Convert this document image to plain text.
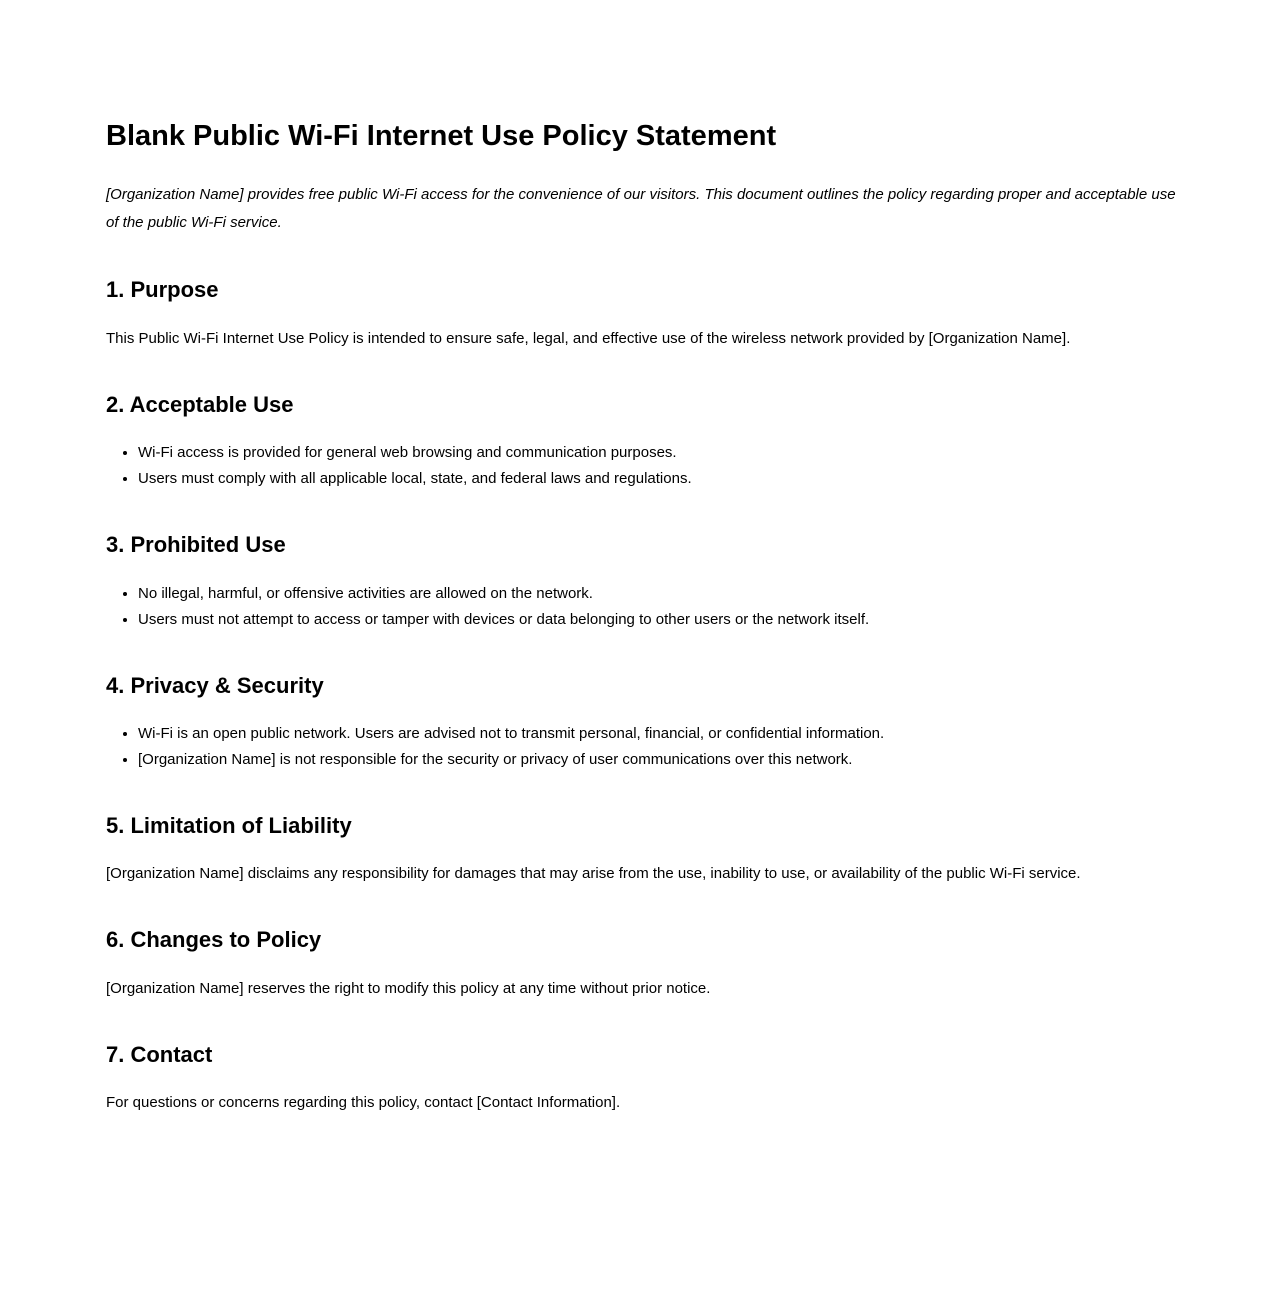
Blank Public Wi-Fi Internet Use Policy Statement

[Organization Name] provides free public Wi-Fi access for the convenience of our visitors. This document outlines the policy regarding proper and acceptable use of the public Wi-Fi service.

1. Purpose

This Public Wi-Fi Internet Use Policy is intended to ensure safe, legal, and effective use of the wireless network provided by [Organization Name].

2. Acceptable Use
• Wi-Fi access is provided for general web browsing and communication purposes.
• Users must comply with all applicable local, state, and federal laws and regulations.
3. Prohibited Use
• No illegal, harmful, or offensive activities are allowed on the network.
• Users must not attempt to access or tamper with devices or data belonging to other users or the network itself.
4. Privacy & Security
• Wi-Fi is an open public network. Users are advised not to transmit personal, financial, or confidential information.
• [Organization Name] is not responsible for the security or privacy of user communications over this network.
5. Limitation of Liability

[Organization Name] disclaims any responsibility for damages that may arise from the use, inability to use, or availability of the public Wi-Fi service.

6. Changes to Policy

[Organization Name] reserves the right to modify this policy at any time without prior notice.

7. Contact

For questions or concerns regarding this policy, contact [Contact Information].
